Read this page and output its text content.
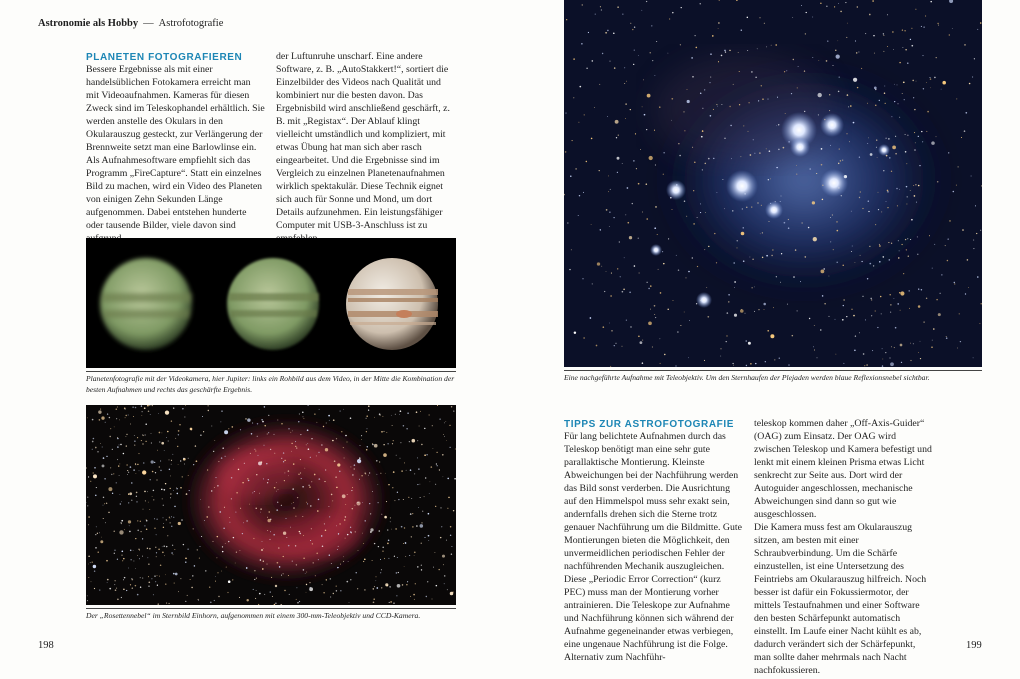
Astronomie als Hobby — Astrofotografie
PLANETEN FOTOGRAFIEREN

Bessere Ergebnisse als mit einer handelsüblichen Fotokamera erreicht man mit Videoaufnahmen. Kameras für diesen Zweck sind im Teleskophandel erhältlich. Sie werden anstelle des Okulars in den Okularauszug gesteckt, zur Verlängerung der Brennweite setzt man eine Barlowlinse ein. Als Aufnahmesoftware empfiehlt sich das Programm „FireCapture“. Statt ein einzelnes Bild zu machen, wird ein Video des Planeten von einigen Zehn Sekunden Länge aufgenommen. Dabei entstehen hunderte oder tausende Bilder, viele davon sind

der Luftunruhe unscharf. Eine andere Software, z. B. „AutoStakkert!“, sortiert die Einzelbilder des Videos nach Qualität und kombiniert nur die besten davon. Das Ergebnisbild wird anschließend geschärft, z. B. mit „Registax“. Der Ablauf klingt vielleicht umständlich und kompliziert, mit etwas Übung hat man sich aber rasch eingearbeitet. Und die Ergebnisse sind im Vergleich zu einzelnen Planetenaufnahmen wirklich spektakulär. Diese Technik eignet sich auch für Sonne und Mond, um dort Details aufzunehmen. Ein leistungsfähiger Computer mit USB-3-Anschluss ist zu

Planetenfotografie mit der Videokamera, hier Jupiter: links ein Rohbild aus dem Video, in der Mitte die Kombination der besten Aufnahmen und rechts das geschärfte Ergebnis.
Der „Rosettennebel“ im Sternbild Einhorn, aufgenommen mit einem 300-mm-Teleobjektiv und CCD-Kamera.
198	199
Eine nachgeführte Aufnahme mit Teleobjektiv. Um den Sternhaufen der Plejaden werden blaue Reflexionsnebel sichtbar.
TIPPS ZUR ASTROFOTOGRAFIE

Für lang belichtete Aufnahmen durch das Teleskop benötigt man eine sehr gute parallaktische Montierung. Kleinste Abweichungen bei der Nachführung werden das Bild sonst verderben. Die Ausrichtung auf den Himmelspol muss sehr exakt sein, andernfalls drehen sich die Sterne trotz genauer Nachführung um die Bildmitte. Gute Montierungen bieten die Möglichkeit, den unvermeidlichen periodischen Fehler der nachführenden Mechanik auszugleichen. Diese „Periodic Error Correction“ (kurz PEC) muss man der Montierung vorher antrainieren. Die Teleskope zur Aufnahme und Nachführung können sich während der Aufnahme gegeneinander etwas verbiegen, eine ungenaue Nachführung ist die Folge. Alternativ zum Nachführ-

teleskop kommen daher „Off-Axis-Guider“ (OAG) zum Einsatz. Der OAG wird zwischen Teleskop und Kamera befestigt und lenkt mit einem kleinen Prisma etwas Licht senkrecht zur Seite aus. Dort wird der Autoguider angeschlossen, mechanische Abweichungen sind dann so gut wie ausgeschlossen.

Die Kamera muss fest am Okularauszug sitzen, am besten mit einer Schraubverbindung. Um die Schärfe einzustellen, ist eine Untersetzung des Feintriebs am Okularauszug hilfreich. Noch besser ist dafür ein Fokussiermotor, der mittels Testaufnahmen und einer Software den besten Schärfepunkt automatisch einstellt. Im Laufe einer Nacht kühlt es ab, dadurch verändert sich der Schärfepunkt, man sollte daher mehrmals nach Nacht nachfokussieren.
